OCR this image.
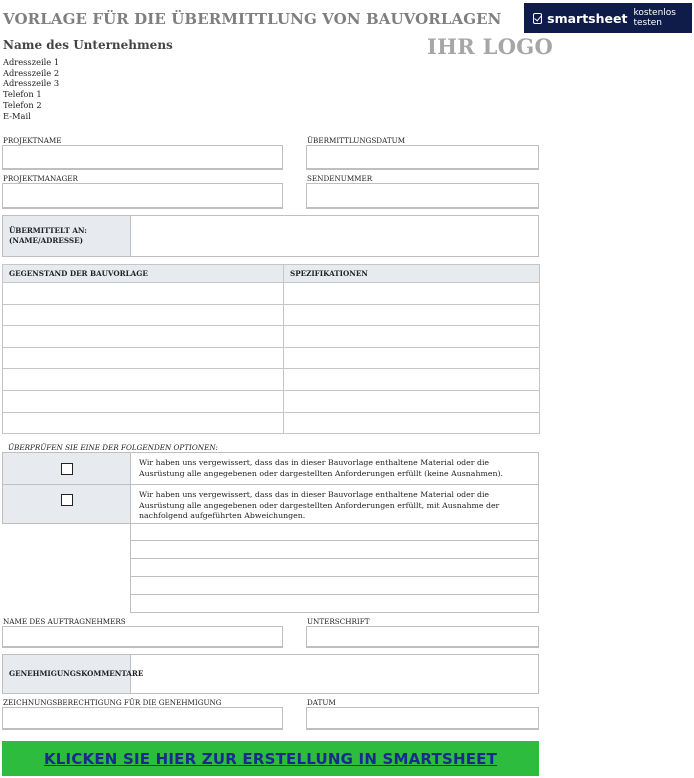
VORLAGE FÜR DIE ÜBERMITTLUNG VON BAUVORLAGEN	smartsheet kostenlos testen
Name des Unternehmens	IHR LOGO
Adresszeile 1
Adresszeile 2
Adresszeile 3
Telefon 1
Telefon 2
E-Mail
PROJEKTNAME	ÜBERMITTLUNGSDATUM
PROJEKTMANAGER	SENDENUMMER
ÜBERMITTELT AN:
(NAME/ADRESSE)
GEGENSTAND DER BAUVORLAGE	SPEZIFIKATIONEN

ÜBERPRÜFEN SIE EINE DER FOLGENDEN OPTIONEN:
Wir haben uns vergewissert, dass das in dieser Bauvorlage enthaltene Material oder die Ausrüstung alle angegebenen oder dargestellten Anforderungen erfüllt (keine Ausnahmen).
Wir haben uns vergewissert, dass das in dieser Bauvorlage enthaltene Material oder die Ausrüstung alle angegebenen oder dargestellten Anforderungen erfüllt, mit Ausnahme der nachfolgend aufgeführten Abweichungen.
NAME DES AUFTRAGNEHMERS	UNTERSCHRIFT
GENEHMIGUNGSKOMMENTARE
ZEICHNUNGSBERECHTIGUNG FÜR DIE GENEHMIGUNG	DATUM
KLICKEN SIE HIER ZUR ERSTELLUNG IN SMARTSHEET
